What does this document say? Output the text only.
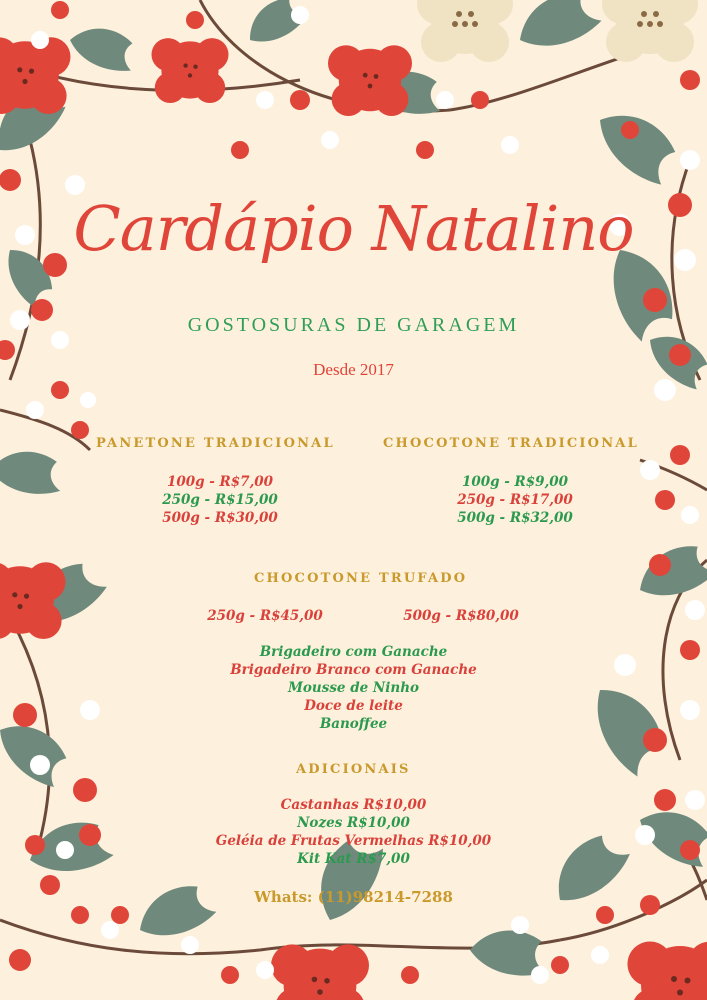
Cardápio Natalino
GOSTOSURAS DE GARAGEM
Desde 2017
PANETONE TRADICIONAL
100g - R$7,00
250g - R$15,00
500g - R$30,00
CHOCOTONE TRADICIONAL
100g - R$9,00
250g - R$17,00
500g - R$32,00
CHOCOTONE TRUFADO
250g - R$45,00	500g - R$80,00
Brigadeiro com Ganache
Brigadeiro Branco com Ganache
Mousse de Ninho
Doce de leite
Banoffee
ADICIONAIS
Castanhas R$10,00
Nozes R$10,00
Geléia de Frutas Vermelhas R$10,00
Kit Kat R$7,00
Whats: (11)98214-7288
